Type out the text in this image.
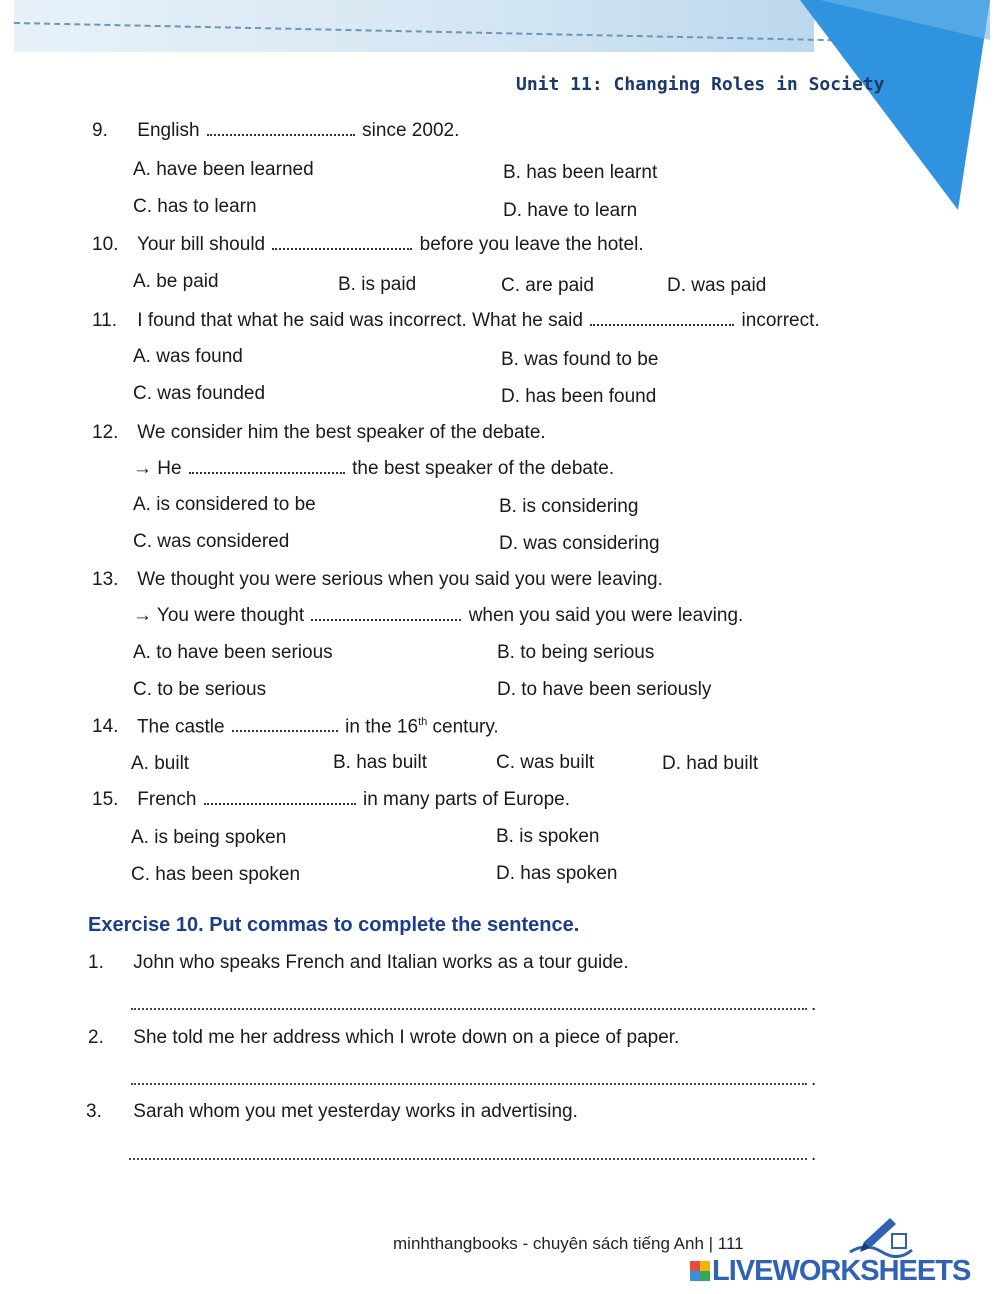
Unit 11: Changing Roles in Society
9. English	since 2002.
A. have been learned	B. has been learnt
C. has to learn	D. have to learn
10. Your bill should	before you leave the hotel.
A. be paid	B. is paid	C. are paid	D. was paid
11. I found that what he said was incorrect. What he said	incorrect.
A. was found	B. was found to be
C. was founded	D. has been found
12. We consider him the best speaker of the debate.
→ He	the best speaker of the debate.
A. is considered to be	B. is considering
C. was considered	D. was considering
13. We thought you were serious when you said you were leaving.
→ You were thought	when you said you were leaving.
A. to have been serious	B. to being serious
C. to be serious	D. to have been seriously
14. The castle	in the 16th century.
A. built	B. has built	C. was built	D. had built
15. French	in many parts of Europe.
A. is being spoken	B. is spoken
C. has been spoken	D. has spoken
Exercise 10. Put commas to complete the sentence.
1. John who speaks French and Italian works as a tour guide.
.
2. She told me her address which I wrote down on a piece of paper.
.
3. Sarah whom you met yesterday works in advertising.
.
minhthangbooks - chuyên sách tiếng Anh | 111
LIVEWORKSHEETS
